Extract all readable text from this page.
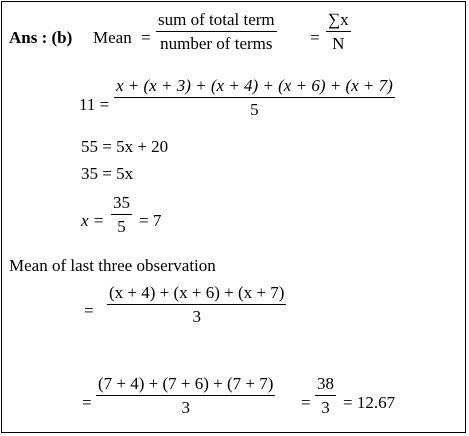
Ans : (b) Mean =
sum of total term
number of terms =
∑x
N
11 =
x + (x + 3) + (x + 4) + (x + 6) + (x + 7)
5
55 = 5x + 20
35 = 5x
x =
35
5 = 7
Mean of last three observation
=
(x + 4) + (x + 6) + (x + 7)
3
=
(7 + 4) + (7 + 6) + (7 + 7)
3	=
38
3 = 12.67
